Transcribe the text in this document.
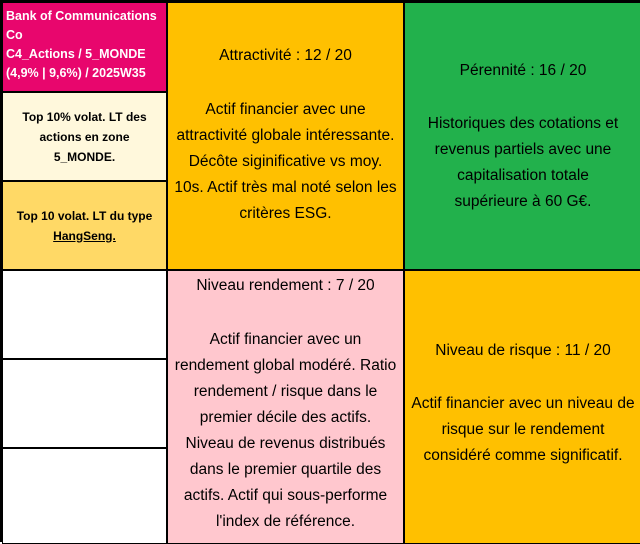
Bank of Communications
Co
C4_Actions / 5_MONDE
(4,9% | 9,6%) / 2025W35
Top 10% volat. LT des actions en zone 5_MONDE.
Top 10 volat. LT du type HangSeng.
Attractivité : 12 / 20
Actif financier avec une attractivité globale intéressante. Décôte siginificative vs moy. 10s. Actif très mal noté selon les critères ESG.
Pérennité : 16 / 20
Historiques des cotations et revenus partiels avec une capitalisation totale supérieure à 60 G€.
Niveau rendement : 7 / 20
Actif financier avec un rendement global modéré. Ratio rendement / risque dans le premier décile des actifs. Niveau de revenus distribués dans le premier quartile des actifs. Actif qui sous-performe l'index de référence.
Niveau de risque : 11 / 20
Actif financier avec un niveau de risque sur le rendement considéré comme significatif.
